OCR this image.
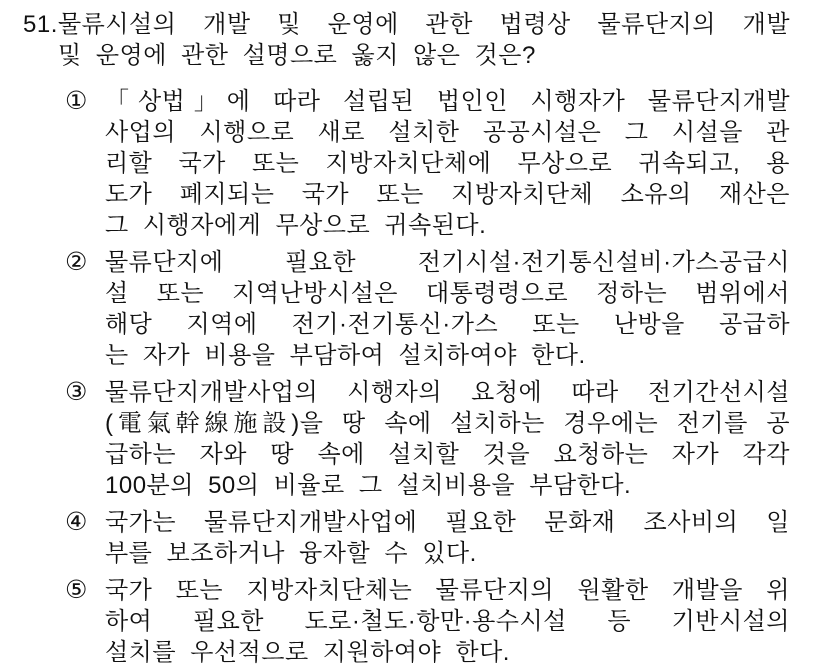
51. 물류시설의 개발 및 운영에 관한 법령상 물류단지의 개발
및 운영에 관한 설명으로 옳지 않은 것은?
① 「상법」에 따라 설립된 법인인 시행자가 물류단지개발
사업의 시행으로 새로 설치한 공공시설은 그 시설을 관
리할 국가 또는 지방자치단체에 무상으로 귀속되고, 용
도가 폐지되는 국가 또는 지방자치단체 소유의 재산은
그 시행자에게 무상으로 귀속된다.
② 물류단지에 필요한 전기시설·전기통신설비·가스공급시
설 또는 지역난방시설은 대통령령으로 정하는 범위에서
해당 지역에 전기·전기통신·가스 또는 난방을 공급하
는 자가 비용을 부담하여 설치하여야 한다.
③ 물류단지개발사업의 시행자의 요청에 따라 전기간선시설
(電氣幹線施設)을 땅 속에 설치하는 경우에는 전기를 공
급하는 자와 땅 속에 설치할 것을 요청하는 자가 각각
100분의 50의 비율로 그 설치비용을 부담한다.
④ 국가는 물류단지개발사업에 필요한 문화재 조사비의 일
부를 보조하거나 융자할 수 있다.
⑤ 국가 또는 지방자치단체는 물류단지의 원활한 개발을 위
하여 필요한 도로·철도·항만·용수시설 등 기반시설의
설치를 우선적으로 지원하여야 한다.
